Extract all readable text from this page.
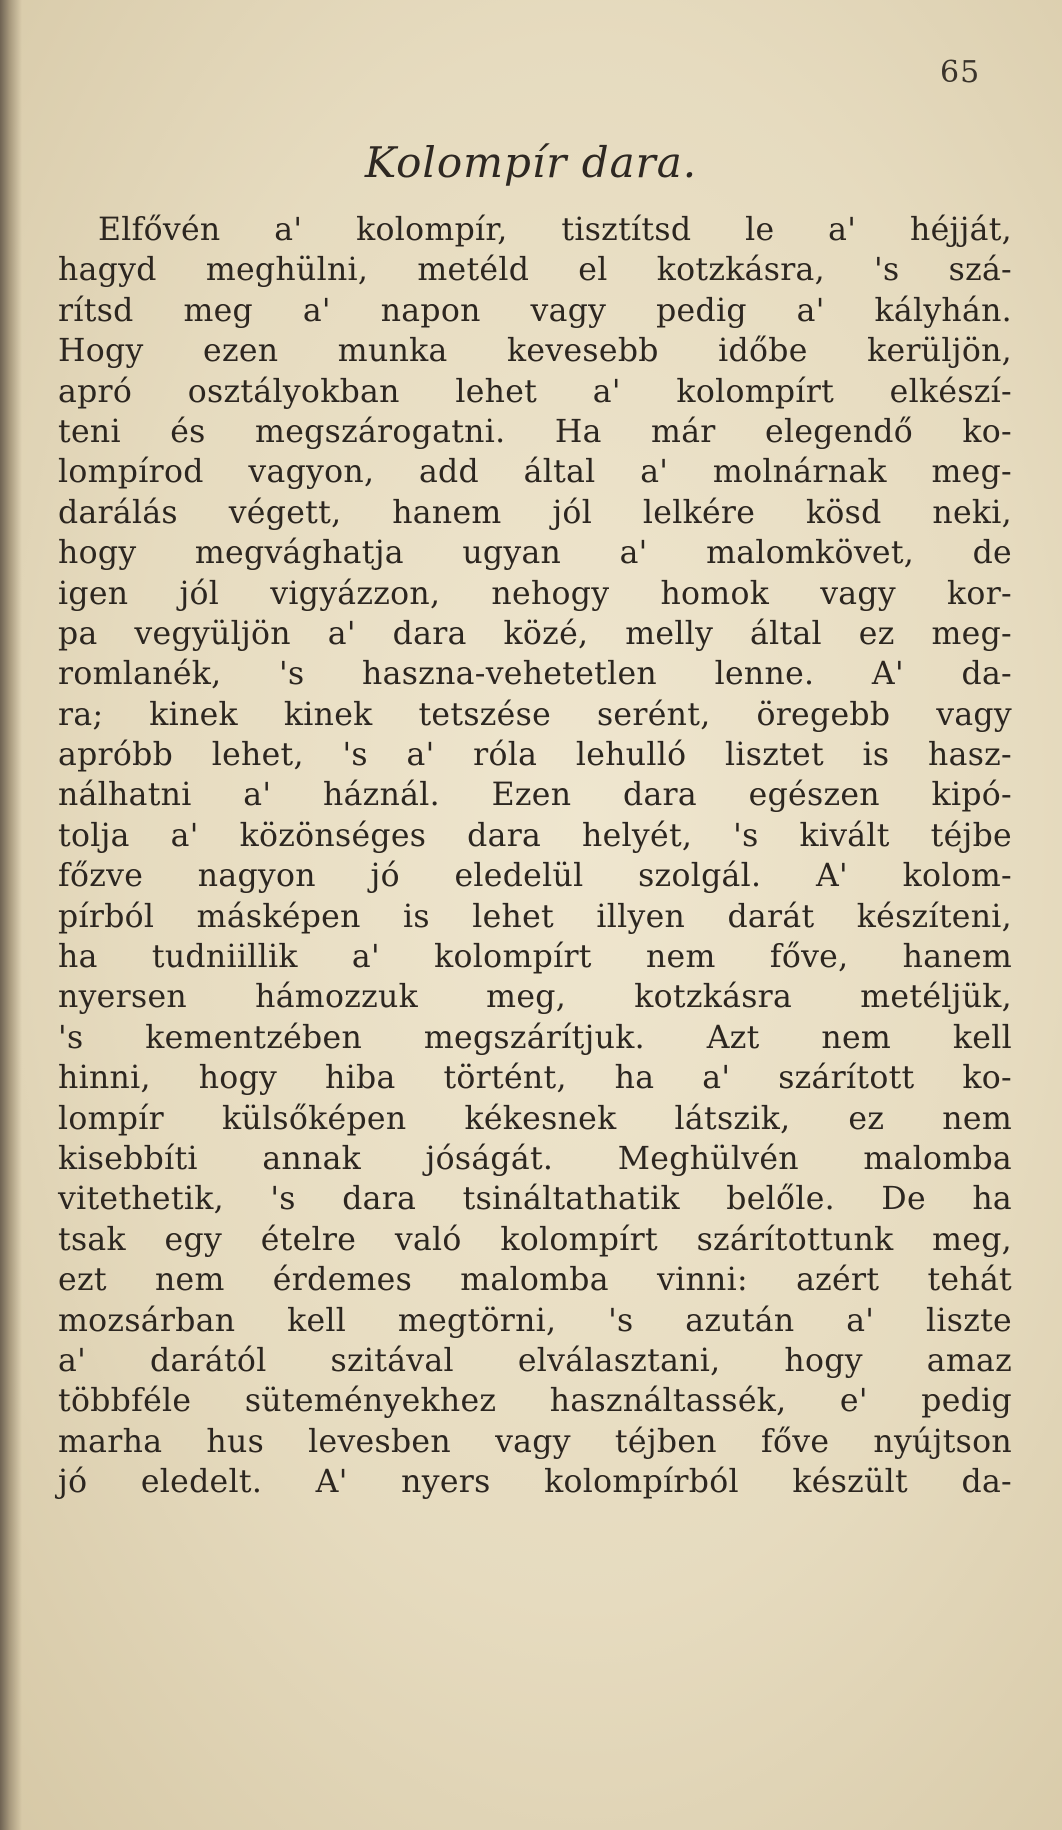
65
Kolompír dara.
Elfővén a' kolompír, tisztítsd le a' héjját,
hagyd meghülni, metéld el kotzkásra, 's szá-
rítsd meg a' napon vagy pedig a' kályhán.
Hogy ezen munka kevesebb időbe kerüljön,
apró osztályokban lehet a' kolompírt elkészí-
teni és megszárogatni. Ha már elegendő ko-
lompírod vagyon, add által a' molnárnak meg-
darálás végett, hanem jól lelkére kösd neki,
hogy megvághatja ugyan a' malomkövet, de
igen jól vigyázzon, nehogy homok vagy kor-
pa vegyüljön a' dara közé, melly által ez meg-
romlanék, 's haszna-vehetetlen lenne. A' da-
ra; kinek kinek tetszése serént, öregebb vagy
apróbb lehet, 's a' róla lehulló lisztet is hasz-
nálhatni a' háznál. Ezen dara egészen kipó-
tolja a' közönséges dara helyét, 's kivált téjbe
főzve nagyon jó eledelül szolgál. A' kolom-
pírból másképen is lehet illyen darát készíteni,
ha tudniillik a' kolompírt nem főve, hanem
nyersen hámozzuk meg, kotzkásra metéljük,
's kementzében megszárítjuk. Azt nem kell
hinni, hogy hiba történt, ha a' szárított ko-
lompír külsőképen kékesnek látszik, ez nem
kisebbíti annak jóságát. Meghülvén malomba
vitethetik, 's dara tsináltathatik belőle. De ha
tsak egy ételre való kolompírt szárítottunk meg,
ezt nem érdemes malomba vinni: azért tehát
mozsárban kell megtörni, 's azután a' liszte
a' darától szitával elválasztani, hogy amaz
többféle süteményekhez használtassék, e' pedig
marha hus levesben vagy téjben főve nyújtson
jó eledelt. A' nyers kolompírból készült da-
